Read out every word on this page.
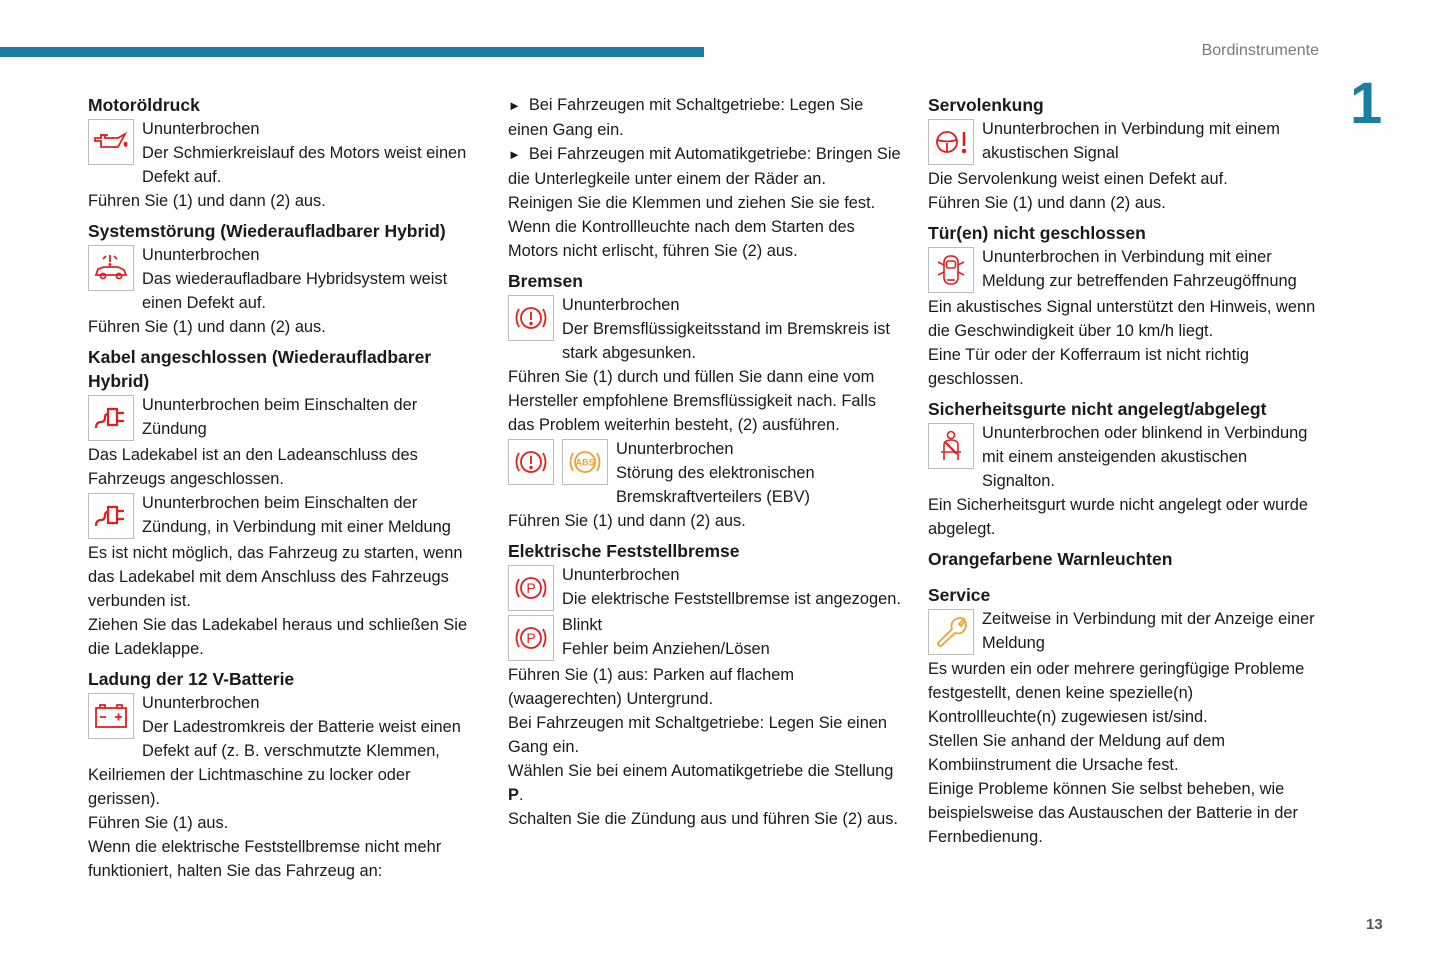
Bordinstrumente
1
13
Motoröldruck

Ununterbrochen

Der Schmierkreislauf des Motors weist einen Defekt auf.

Führen Sie (1) und dann (2) aus.

Systemstörung (Wiederaufladbarer Hybrid)

Ununterbrochen

Das wiederaufladbare Hybridsystem weist einen Defekt auf.

Führen Sie (1) und dann (2) aus.

Kabel angeschlossen (Wiederaufladbarer Hybrid)

Ununterbrochen beim Einschalten der Zündung

Das Ladekabel ist an den Ladeanschluss des Fahrzeugs angeschlossen.

Ununterbrochen beim Einschalten der Zündung, in Verbindung mit einer Meldung

Es ist nicht möglich, das Fahrzeug zu starten, wenn das Ladekabel mit dem Anschluss des Fahrzeugs verbunden ist.

Ziehen Sie das Ladekabel heraus und schließen Sie die Ladeklappe.

Ladung der 12 V-Batterie

Ununterbrochen

Der Ladestromkreis der Batterie weist einen Defekt auf (z. B. verschmutzte Klemmen, Keilriemen der Lichtmaschine zu locker oder gerissen).

Führen Sie (1) aus.

Wenn die elektrische Feststellbremse nicht mehr funktioniert, halten Sie das Fahrzeug an:

► Bei Fahrzeugen mit Schaltgetriebe: Legen Sie einen Gang ein.

► Bei Fahrzeugen mit Automatikgetriebe: Bringen Sie die Unterlegkeile unter einem der Räder an.

Reinigen Sie die Klemmen und ziehen Sie sie fest.

Wenn die Kontrollleuchte nach dem Starten des Motors nicht erlischt, führen Sie (2) aus.

Bremsen

Ununterbrochen

Der Bremsflüssigkeitsstand im Bremskreis ist stark abgesunken.

Führen Sie (1) durch und füllen Sie dann eine vom Hersteller empfohlene Bremsflüssigkeit nach. Falls das Problem weiterhin besteht, (2) ausführen.

ABS

Ununterbrochen

Störung des elektronischen Bremskraftverteilers (EBV)

Führen Sie (1) und dann (2) aus.

Elektrische Feststellbremse
P

Ununterbrochen

Die elektrische Feststellbremse ist angezogen.

P

Blinkt

Fehler beim Anziehen/Lösen

Führen Sie (1) aus: Parken auf flachem (waagerechten) Untergrund.

Bei Fahrzeugen mit Schaltgetriebe: Legen Sie einen Gang ein.

Wählen Sie bei einem Automatikgetriebe die Stellung P.

Schalten Sie die Zündung aus und führen Sie (2) aus.

Servolenkung

Ununterbrochen in Verbindung mit einem akustischen Signal

Die Servolenkung weist einen Defekt auf.

Führen Sie (1) und dann (2) aus.

Tür(en) nicht geschlossen

Ununterbrochen in Verbindung mit einer Meldung zur betreffenden Fahrzeugöffnung

Ein akustisches Signal unterstützt den Hinweis, wenn die Geschwindigkeit über 10 km/h liegt.

Eine Tür oder der Kofferraum ist nicht richtig geschlossen.

Sicherheitsgurte nicht angelegt/abgelegt

Ununterbrochen oder blinkend in Verbindung mit einem ansteigenden akustischen Signalton.

Ein Sicherheitsgurt wurde nicht angelegt oder wurde abgelegt.

Orangefarbene Warnleuchten
Service

Zeitweise in Verbindung mit der Anzeige einer Meldung

Es wurden ein oder mehrere geringfügige Probleme festgestellt, denen keine spezielle(n) Kontrollleuchte(n) zugewiesen ist/sind.

Stellen Sie anhand der Meldung auf dem Kombiinstrument die Ursache fest.

Einige Probleme können Sie selbst beheben, wie beispielsweise das Austauschen der Batterie in der Fernbedienung.
